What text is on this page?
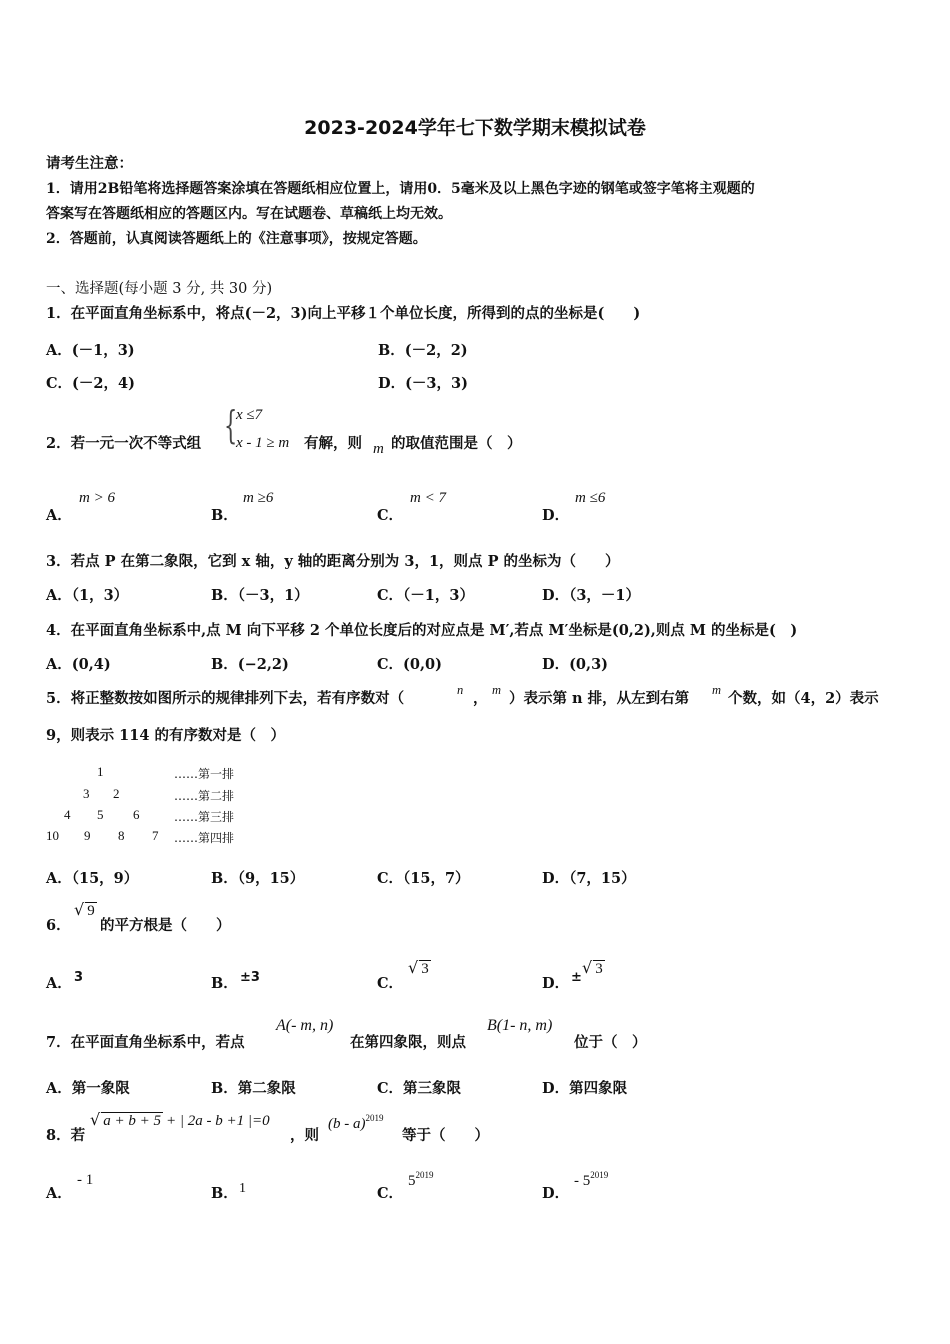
2023-2024学年七下数学期末模拟试卷
请考生注意：
1．请用2B铅笔将选择题答案涂填在答题纸相应位置上，请用0．5毫米及以上黑色字迹的钢笔或签字笔将主观题的
答案写在答题纸相应的答题区内。写在试题卷、草稿纸上均无效。
2．答题前，认真阅读答题纸上的《注意事项》，按规定答题。
一、选择题(每小题 3 分, 共 30 分)
1．在平面直角坐标系中，将点(－2，3)向上平移１个单位长度，所得到的点的坐标是(　　)
A．(－1，3)	B．(－2，2)
C．(－2，4)	D．(－3，3)
2．若一元一次不等式组 {
x ≤7
x - 1 ≥ m 有解，则 m 的取值范围是（　）
A．
m > 6
B．
m ≥6
C．
m < 7
D．
m ≤6
3．若点 P 在第二象限，它到 x 轴，y 轴的距离分别为 3，1，则点 P 的坐标为（　　）
A．（1，3）	B．（－3，1）	C．（－1，3）	D．（3，－1）
4．在平面直角坐标系中,点 M 向下平移 2 个单位长度后的对应点是 M′,若点 M′坐标是(0,2),则点 M 的坐标是(　)
A．(0,4)	B．(−2,2)	C．(0,0)	D．(0,3)
5．将正整数按如图所示的规律排列下去，若有序数对（	n ， m ）表示第 n 排，从左到右第 m 个数，如（4，2）表示
9，则表示 114 的有序数对是（　）
1
3 2
4 5 6
10 9 8 7
……第一排
……第二排
……第三排
……第四排
A．（15，9）	B．（9，15）	C．（15，7）	D．（7，15）
6．
√ 9
的平方根是（　　）
A． 3	B． ±3	C．
√ 3
D． ±
√ 3
7．在平面直角坐标系中，若点
A(- m, n)
在第四象限，则点
B(1- n, m)
位于（　）
A．第一象限	B．第二象限	C．第三象限	D．第四象限
8．若
√ a + b + 5 + | 2a - b +1 |=0
，则
(b - a)$^{2019}$
等于（　　）
A．
- 1
B． 1	C．
$5^{2019}$
D．
- $5^{2019}$
